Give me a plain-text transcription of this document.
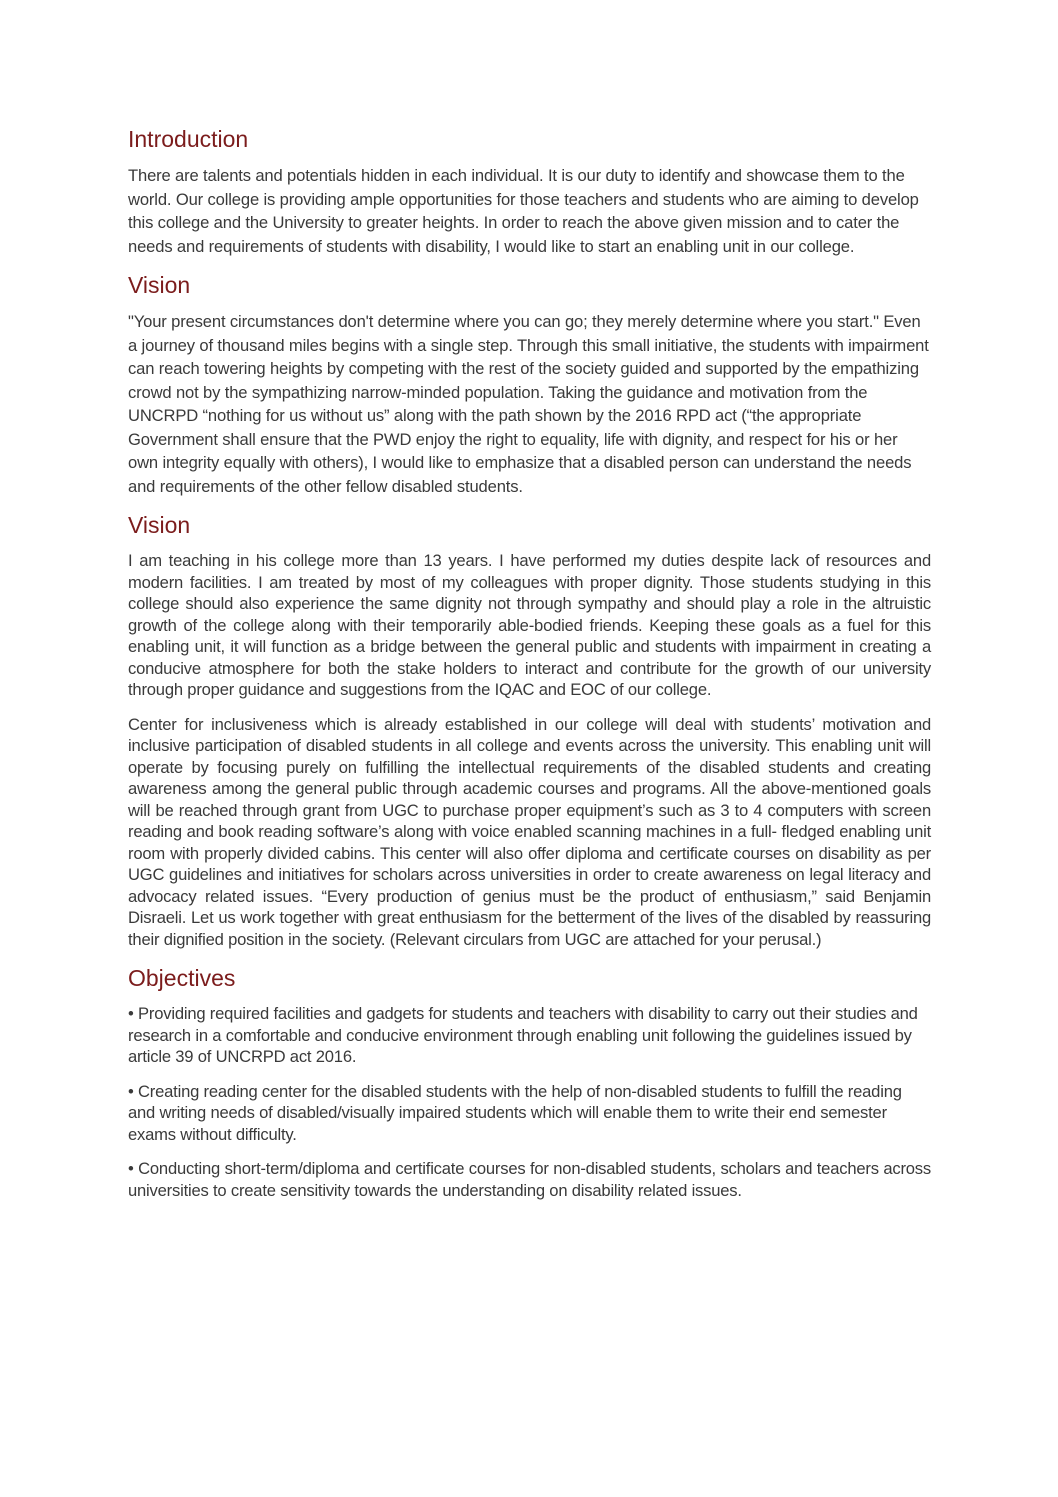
Introduction

There are talents and potentials hidden in each individual. It is our duty to identify and showcase them to the world. Our college is providing ample opportunities for those teachers and students who are aiming to develop this college and the University to greater heights. In order to reach the above given mission and to cater the needs and requirements of students with disability, I would like to start an enabling unit in our college.

Vision

"Your present circumstances don't determine where you can go; they merely determine where you start." Even a journey of thousand miles begins with a single step. Through this small initiative, the students with impairment can reach towering heights by competing with the rest of the society guided and supported by the empathizing crowd not by the sympathizing narrow-minded population. Taking the guidance and motivation from the UNCRPD “nothing for us without us” along with the path shown by the 2016 RPD act (“the appropriate Government shall ensure that the PWD enjoy the right to equality, life with dignity, and respect for his or her own integrity equally with others), I would like to emphasize that a disabled person can understand the needs and requirements of the other fellow disabled students.

Vision

I am teaching in his college more than 13 years. I have performed my duties despite lack of resources and modern facilities. I am treated by most of my colleagues with proper dignity. Those students studying in this college should also experience the same dignity not through sympathy and should play a role in the altruistic growth of the college along with their temporarily able-bodied friends. Keeping these goals as a fuel for this enabling unit, it will function as a bridge between the general public and students with impairment in creating a conducive atmosphere for both the stake holders to interact and contribute for the growth of our university through proper guidance and suggestions from the IQAC and EOC of our college.

Center for inclusiveness which is already established in our college will deal with students’ motivation and inclusive participation of disabled students in all college and events across the university. This enabling unit will operate by focusing purely on fulfilling the intellectual requirements of the disabled students and creating awareness among the general public through academic courses and programs. All the above-mentioned goals will be reached through grant from UGC to purchase proper equipment’s such as 3 to 4 computers with screen reading and book reading software’s along with voice enabled scanning machines in a full- fledged enabling unit room with properly divided cabins. This center will also offer diploma and certificate courses on disability as per UGC guidelines and initiatives for scholars across universities in order to create awareness on legal literacy and advocacy related issues. “Every production of genius must be the product of enthusiasm,” said Benjamin Disraeli. Let us work together with great enthusiasm for the betterment of the lives of the disabled by reassuring their dignified position in the society. (Relevant circulars from UGC are attached for your perusal.)

Objectives

• Providing required facilities and gadgets for students and teachers with disability to carry out their studies and research in a comfortable and conducive environment through enabling unit following the guidelines issued by article 39 of UNCRPD act 2016.

• Creating reading center for the disabled students with the help of non-disabled students to fulfill the reading and writing needs of disabled/visually impaired students which will enable them to write their end semester exams without difficulty.

• Conducting short-term/diploma and certificate courses for non-disabled students, scholars and teachers across universities to create sensitivity towards the understanding on disability related issues.
